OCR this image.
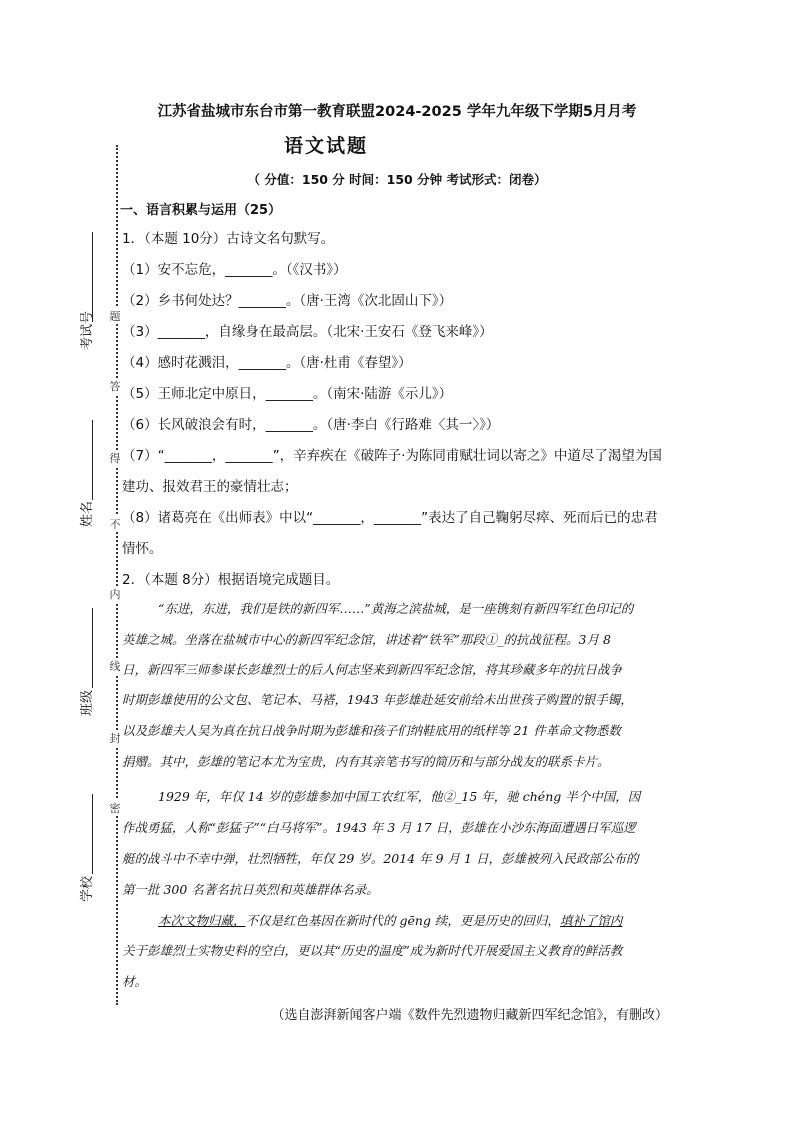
题
答
得
不
内
线
封
密
考试号
姓名
班级
学校
江苏省盐城市东台市第一教育联盟2024-2025 学年九年级下学期5月月考
语文试题
（ 分值：150 分 时间：150 分钟 考试形式：闭卷）
一、语言积累与运用（25）
1．（本题 10分）古诗文名句默写。
（1）安不忘危，_______。（《汉书》）
（2）乡书何处达？_______。（唐·王湾《次北固山下》）
（3）_______，自缘身在最高层。（北宋·王安石《登飞来峰》）
（4）感时花溅泪，_______。（唐·杜甫《春望》）
（5）王师北定中原日，_______。（南宋·陆游《示儿》）
（6）长风破浪会有时，_______。（唐·李白《行路难〈其一〉》）
（7）“_______，_______”，辛弃疾在《破阵子·为陈同甫赋壮词以寄之》中道尽了渴望为国
建功、报效君王的豪情壮志；
（8）诸葛亮在《出师表》中以“_______，_______”表达了自己鞠躬尽瘁、死而后已的忠君
情怀。
2．（本题 8分）根据语境完成题目。
“东进，东进，我们是铁的新四军……”黄海之滨盐城，是一座镌刻有新四军红色印记的
英雄之城。坐落在盐城市中心的新四军纪念馆，讲述着“铁军”那段①_的抗战征程。3月 8
日，新四军三师参谋长彭雄烈士的后人何志坚来到新四军纪念馆，将其珍藏多年的抗日战争
时期彭雄使用的公文包、笔记本、马褡，1943 年彭雄赴延安前给未出世孩子购置的银手镯，
以及彭雄夫人吴为真在抗日战争时期为彭雄和孩子们纳鞋底用的纸样等 21 件革命文物悉数
捐赠。其中，彭雄的笔记本尤为宝贵，内有其亲笔书写的简历和与部分战友的联系卡片。
1929 年，年仅 14 岁的彭雄参加中国工农红军，他②_15 年，驰 chéng 半个中国，因
作战勇猛，人称“彭猛子”“白马将军”。1943 年 3 月 17 日，彭雄在小沙东海面遭遇日军巡逻
艇的战斗中不幸中弹，壮烈牺牲，年仅 29 岁。2014 年 9 月 1 日，彭雄被列入民政部公布的
第一批 300 名著名抗日英烈和英雄群体名录。
本次文物归藏，不仅是红色基因在新时代的 gēng 续，更是历史的回归，填补了馆内
关于彭雄烈士实物史料的空白，更以其“历史的温度”成为新时代开展爱国主义教育的鲜活教
材。
（选自澎湃新闻客户端《数件先烈遗物归藏新四军纪念馆》，有删改）
